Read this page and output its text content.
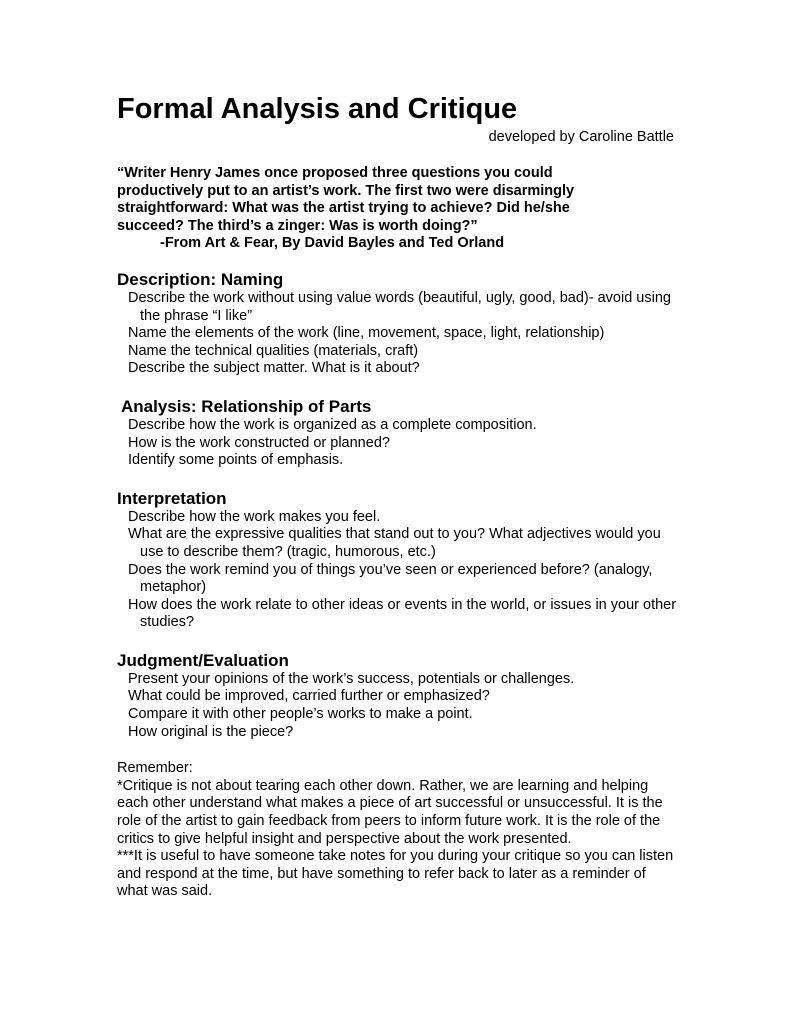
Formal Analysis and Critique
developed by Caroline Battle
“Writer Henry James once proposed three questions you could productively put to an artist’s work. The first two were disarmingly straightforward: What was the artist trying to achieve? Did he/she succeed? The third’s a zinger: Was is worth doing?”
-From Art & Fear, By David Bayles and Ted Orland
Description: Naming
Describe the work without using value words (beautiful, ugly, good, bad)- avoid using the phrase “I like”
Name the elements of the work (line, movement, space, light, relationship)
Name the technical qualities (materials, craft)
Describe the subject matter. What is it about?
Analysis: Relationship of Parts
Describe how the work is organized as a complete composition.
How is the work constructed or planned?
Identify some points of emphasis.
Interpretation
Describe how the work makes you feel.
What are the expressive qualities that stand out to you? What adjectives would you use to describe them? (tragic, humorous, etc.)
Does the work remind you of things you’ve seen or experienced before? (analogy, metaphor)
How does the work relate to other ideas or events in the world, or issues in your other studies?
Judgment/Evaluation
Present your opinions of the work’s success, potentials or challenges.
What could be improved, carried further or emphasized?
Compare it with other people’s works to make a point.
How original is the piece?
Remember:
*Critique is not about tearing each other down. Rather, we are learning and helping each other understand what makes a piece of art successful or unsuccessful. It is the role of the artist to gain feedback from peers to inform future work. It is the role of the critics to give helpful insight and perspective about the work presented.
***It is useful to have someone take notes for you during your critique so you can listen and respond at the time, but have something to refer back to later as a reminder of what was said.
